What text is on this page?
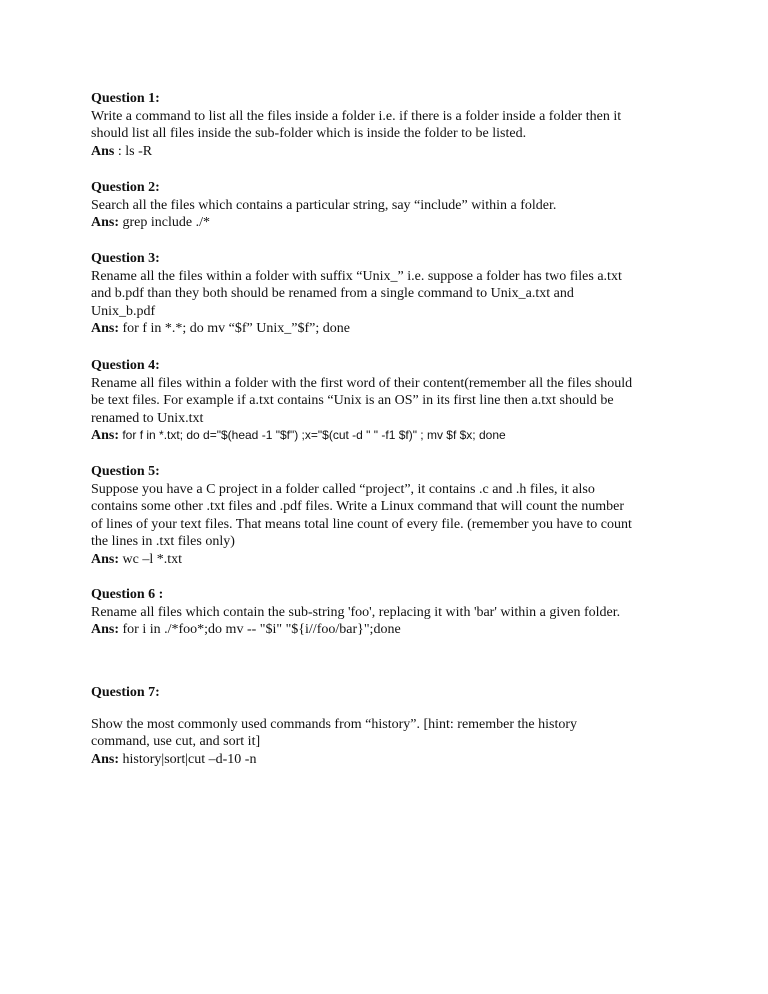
Question 1:
Write a command to list all the files inside a folder i.e. if there is a folder inside a folder then it
should list all files inside the sub-folder which is inside the folder to be listed.
Ans : ls -R
Question 2:
Search all the files which contains a particular string, say “include” within a folder.
Ans: grep include ./*
Question 3:
Rename all the files within a folder with suffix “Unix_” i.e. suppose a folder has two files a.txt
and b.pdf than they both should be renamed from a single command to Unix_a.txt and
Unix_b.pdf
Ans: for f in *.*; do mv “$f” Unix_”$f”; done
Question 4:
Rename all files within a folder with the first word of their content(remember all the files should
be text files. For example if a.txt contains “Unix is an OS” in its first line then a.txt should be
renamed to Unix.txt
Ans: for f in *.txt; do d="$(head -1 "$f") ;x="$(cut -d " " -f1 $f)" ; mv $f $x; done
Question 5:
Suppose you have a C project in a folder called “project”, it contains .c and .h files, it also
contains some other .txt files and .pdf files. Write a Linux command that will count the number
of lines of your text files. That means total line count of every file. (remember you have to count
the lines in .txt files only)
Ans: wc –l *.txt
Question 6 :
Rename all files which contain the sub-string 'foo', replacing it with 'bar' within a given folder.
Ans: for i in ./*foo*;do mv -- "$i" "${i//foo/bar}";done
Question 7:
Show the most commonly used commands from “history”. [hint: remember the history
command, use cut, and sort it]
Ans: history|sort|cut –d-10 -n
